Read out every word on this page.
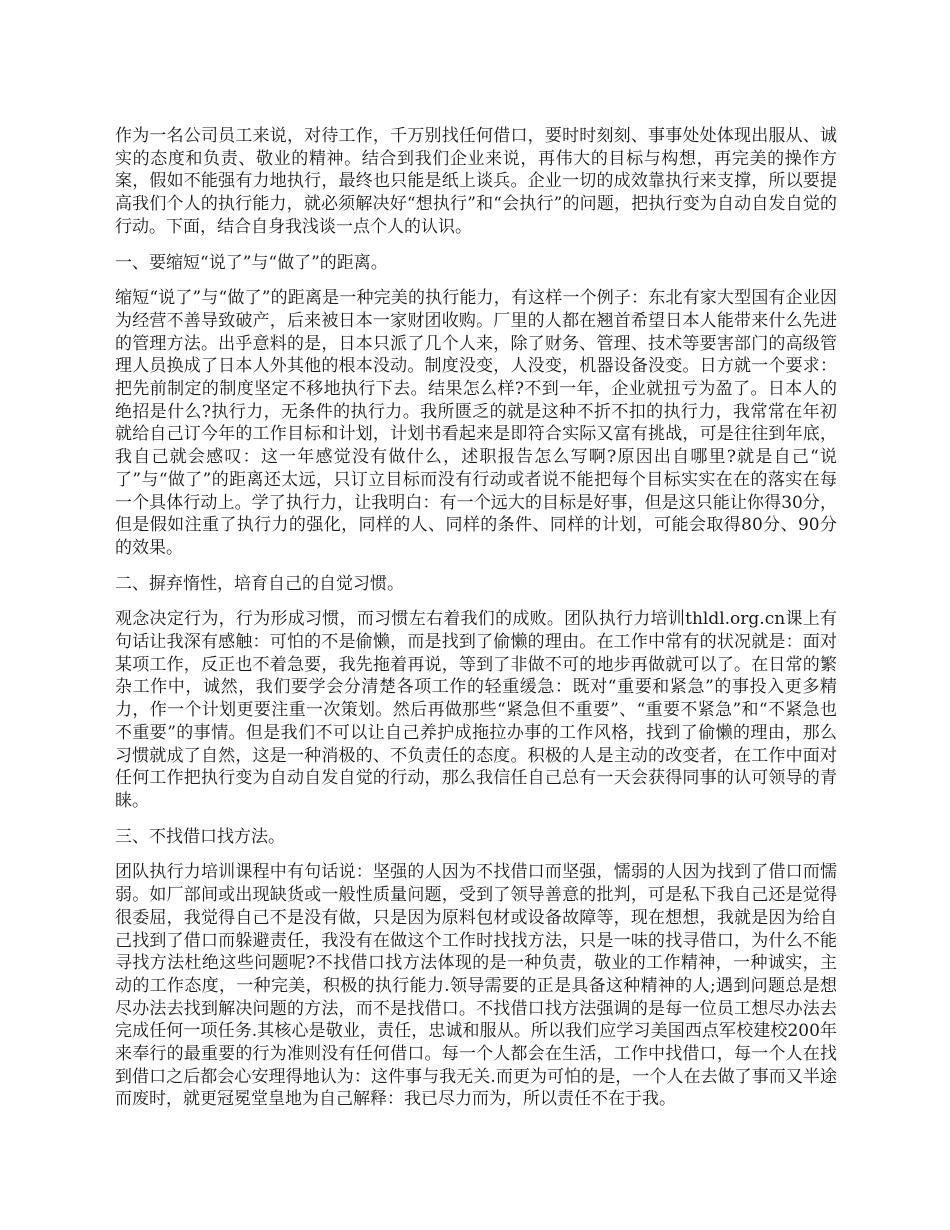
作为一名公司员工来说，对待工作，千万别找任何借口，要时时刻刻、事事处处体现出服从、诚实的态度和负责、敬业的精神。结合到我们企业来说，再伟大的目标与构想，再完美的操作方案，假如不能强有力地执行，最终也只能是纸上谈兵。企业一切的成效靠执行来支撑，所以要提高我们个人的执行能力，就必须解决好“想执行”和“会执行”的问题，把执行变为自动自发自觉的行动。下面，结合自身我浅谈一点个人的认识。

一、要缩短“说了”与“做了”的距离。

缩短“说了”与“做了”的距离是一种完美的执行能力，有这样一个例子：东北有家大型国有企业因为经营不善导致破产，后来被日本一家财团收购。厂里的人都在翘首希望日本人能带来什么先进的管理方法。出乎意料的是，日本只派了几个人来，除了财务、管理、技术等要害部门的高级管理人员换成了日本人外其他的根本没动。制度没变，人没变，机器设备没变。日方就一个要求：把先前制定的制度坚定不移地执行下去。结果怎么样?不到一年，企业就扭亏为盈了。日本人的绝招是什么?执行力，无条件的执行力。我所匮乏的就是这种不折不扣的执行力，我常常在年初就给自己订今年的工作目标和计划，计划书看起来是即符合实际又富有挑战，可是往往到年底，我自己就会感叹：这一年感觉没有做什么，述职报告怎么写啊?原因出自哪里?就是自己“说了”与“做了”的距离还太远，只订立目标而没有行动或者说不能把每个目标实实在在的落实在每一个具体行动上。学了执行力，让我明白：有一个远大的目标是好事，但是这只能让你得30分，但是假如注重了执行力的强化，同样的人、同样的条件、同样的计划，可能会取得80分、90分的效果。

二、摒弃惰性，培育自己的自觉习惯。

观念决定行为，行为形成习惯，而习惯左右着我们的成败。团队执行力培训thldl.org.cn课上有句话让我深有感触：可怕的不是偷懒，而是找到了偷懒的理由。在工作中常有的状况就是：面对某项工作，反正也不着急要，我先拖着再说，等到了非做不可的地步再做就可以了。在日常的繁杂工作中，诚然，我们要学会分清楚各项工作的轻重缓急：既对“重要和紧急”的事投入更多精力，作一个计划更要注重一次策划。然后再做那些“紧急但不重要”、“重要不紧急”和“不紧急也不重要”的事情。但是我们不可以让自己养护成拖拉办事的工作风格，找到了偷懒的理由，那么习惯就成了自然，这是一种消极的、不负责任的态度。积极的人是主动的改变者，在工作中面对任何工作把执行变为自动自发自觉的行动，那么我信任自己总有一天会获得同事的认可领导的青睐。

三、不找借口找方法。

团队执行力培训课程中有句话说：坚强的人因为不找借口而坚强，懦弱的人因为找到了借口而懦弱。如厂部间或出现缺货或一般性质量问题，受到了领导善意的批判，可是私下我自己还是觉得很委屈，我觉得自己不是没有做，只是因为原料包材或设备故障等，现在想想，我就是因为给自己找到了借口而躲避责任，我没有在做这个工作时找找方法，只是一味的找寻借口，为什么不能寻找方法杜绝这些问题呢?不找借口找方法体现的是一种负责，敬业的工作精神，一种诚实，主动的工作态度，一种完美，积极的执行能力.领导需要的正是具备这种精神的人;遇到问题总是想尽办法去找到解决问题的方法，而不是找借口。不找借口找方法强调的是每一位员工想尽办法去完成任何一项任务.其核心是敬业，责任，忠诚和服从。所以我们应学习美国西点军校建校200年来奉行的最重要的行为准则没有任何借口。每一个人都会在生活，工作中找借口，每一个人在找到借口之后都会心安理得地认为：这件事与我无关.而更为可怕的是，一个人在去做了事而又半途而废时，就更冠冕堂皇地为自己解释：我已尽力而为，所以责任不在于我。
